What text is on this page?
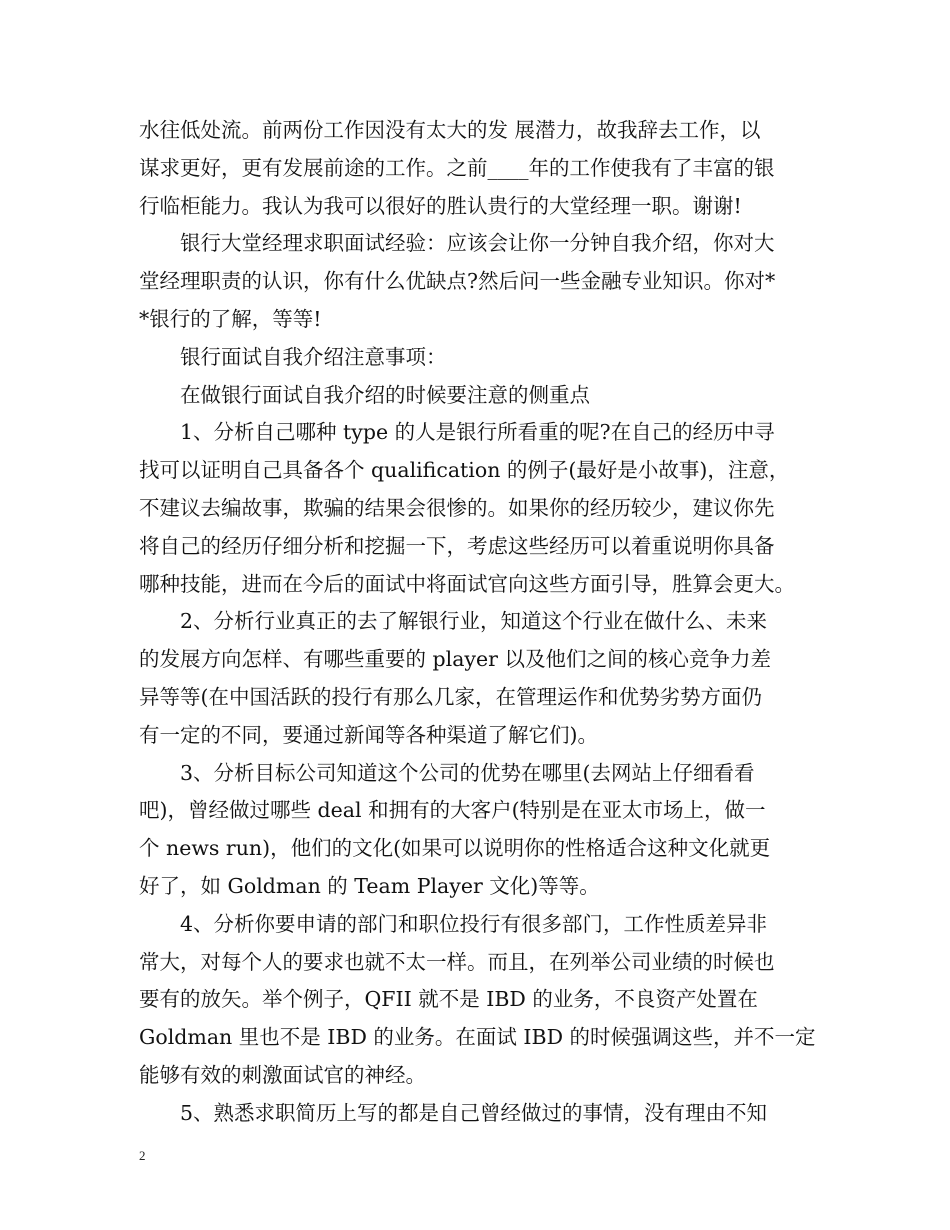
水往低处流。前两份工作因没有太大的发 展潜力，故我辞去工作，以
谋求更好，更有发展前途的工作。之前____年的工作使我有了丰富的银
行临柜能力。我认为我可以很好的胜认贵行的大堂经理一职。谢谢!
银行大堂经理求职面试经验：应该会让你一分钟自我介绍，你对大
堂经理职责的认识，你有什么优缺点?然后问一些金融专业知识。你对*
*银行的了解，等等!
银行面试自我介绍注意事项：
在做银行面试自我介绍的时候要注意的侧重点
1、分析自己哪种 type 的人是银行所看重的呢?在自己的经历中寻
找可以证明自己具备各个 qualification 的例子(最好是小故事)，注意，
不建议去编故事，欺骗的结果会很惨的。如果你的经历较少，建议你先
将自己的经历仔细分析和挖掘一下，考虑这些经历可以着重说明你具备
哪种技能，进而在今后的面试中将面试官向这些方面引导，胜算会更大。
2、分析行业真正的去了解银行业，知道这个行业在做什么、未来
的发展方向怎样、有哪些重要的 player 以及他们之间的核心竞争力差
异等等(在中国活跃的投行有那么几家，在管理运作和优势劣势方面仍
有一定的不同，要通过新闻等各种渠道了解它们)。
3、分析目标公司知道这个公司的优势在哪里(去网站上仔细看看
吧)，曾经做过哪些 deal 和拥有的大客户(特别是在亚太市场上，做一
个 news run)，他们的文化(如果可以说明你的性格适合这种文化就更
好了，如 Goldman 的 Team Player 文化)等等。
4、分析你要申请的部门和职位投行有很多部门，工作性质差异非
常大，对每个人的要求也就不太一样。而且，在列举公司业绩的时候也
要有的放矢。举个例子，QFII 就不是 IBD 的业务，不良资产处置在
Goldman 里也不是 IBD 的业务。在面试 IBD 的时候强调这些，并不一定
能够有效的刺激面试官的神经。
5、熟悉求职简历上写的都是自己曾经做过的事情，没有理由不知
2
